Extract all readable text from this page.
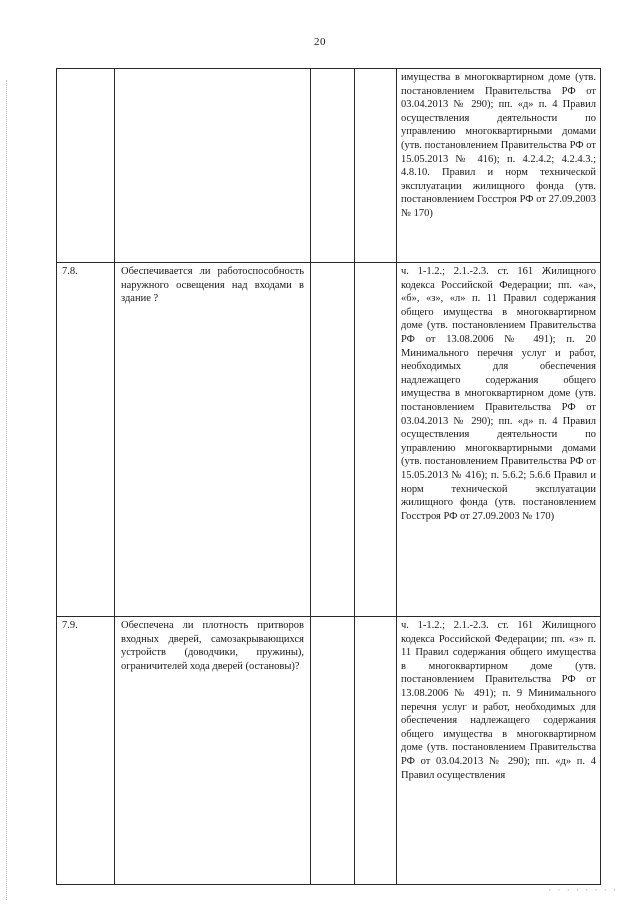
20
				имущества в многоквартирном доме (утв. постановлением Правительства РФ от 03.04.2013 № 290); пп. «д» п. 4 Правил осуществления деятельности по управлению многоквартирными домами (утв. постановлением Правительства РФ от 15.05.2013 № 416); п. 4.2.4.2; 4.2.4.3.; 4.8.10. Правил и норм технической эксплуатации жилищного фонда (утв. постановлением Госстроя РФ от 27.09.2003 № 170)
7.8.	Обеспечивается ли работоспособность наружного освещения над входами в здание ?			ч. 1-1.2.; 2.1.-2.3. ст. 161 Жилищного кодекса Российской Федерации; пп. «а», «б», «з», «л» п. 11 Правил содержания общего имущества в многоквартирном доме (утв. постановлением Правительства РФ от 13.08.2006 № 491); п. 20 Минимального перечня услуг и работ, необходимых для обеспечения надлежащего содержания общего имущества в многоквартирном доме (утв. постановлением Правительства РФ от 03.04.2013 № 290); пп. «д» п. 4 Правил осуществления деятельности по управлению многоквартирными домами (утв. постановлением Правительства РФ от 15.05.2013 № 416); п. 5.6.2; 5.6.6 Правил и норм технической эксплуатации жилищного фонда (утв. постановлением Госстроя РФ от 27.09.2003 № 170)
7.9.	Обеспечена ли плотность притворов входных дверей, самозакрывающихся устройств (доводчики, пружины), ограничителей хода дверей (остановы)?			ч. 1-1.2.; 2.1.-2.3. ст. 161 Жилищного кодекса Российской Федерации; пп. «з» п. 11 Правил содержания общего имущества в многоквартирном доме (утв. постановлением Правительства РФ от 13.08.2006 № 491); п. 9 Минимального перечня услуг и работ, необходимых для обеспечения надлежащего содержания общего имущества в многоквартирном доме (утв. постановлением Правительства РФ от 03.04.2013 № 290); пп. «д» п. 4 Правил осуществления
· · · · · · · ·
